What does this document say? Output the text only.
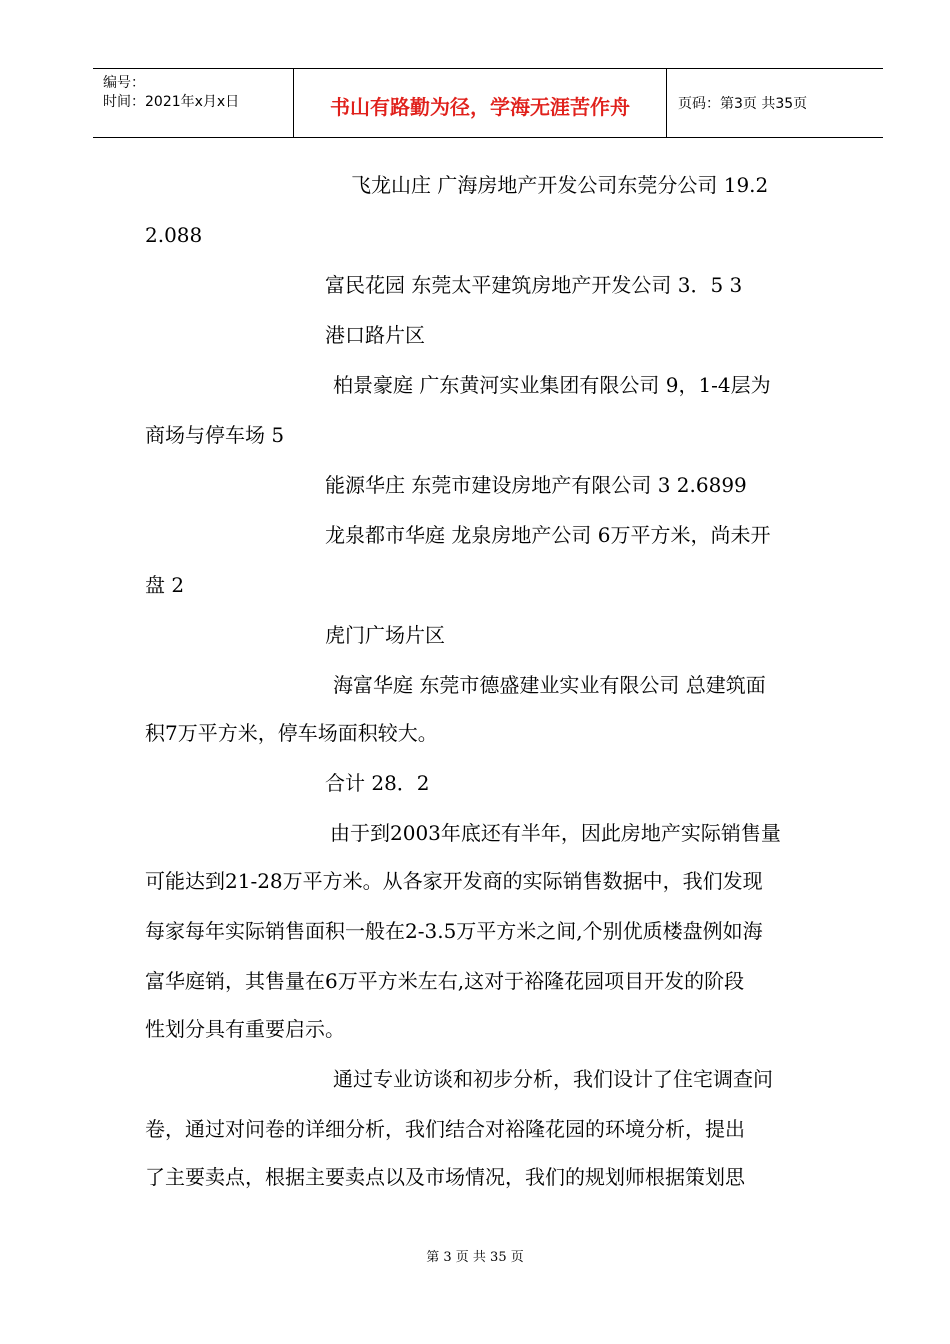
编号：
时间：2021年x月x日	书山有路勤为径，学海无涯苦作舟	页码：第3页 共35页
飞龙山庄 广海房地产开发公司东莞分公司 19.2
2.088
富民花园 东莞太平建筑房地产开发公司 3．5 3
港口路片区
柏景豪庭 广东黄河实业集团有限公司 9，1-4层为
商场与停车场 5
能源华庄 东莞市建设房地产有限公司 3 2.6899
龙泉都市华庭 龙泉房地产公司 6万平方米，尚未开
盘 2
虎门广场片区
海富华庭 东莞市德盛建业实业有限公司 总建筑面
积7万平方米，停车场面积较大。
合计 28．2
由于到2003年底还有半年，因此房地产实际销售量
可能达到21-28万平方米。从各家开发商的实际销售数据中，我们发现
每家每年实际销售面积一般在2-3.5万平方米之间,个别优质楼盘例如海
富华庭销，其售量在6万平方米左右,这对于裕隆花园项目开发的阶段
性划分具有重要启示。
通过专业访谈和初步分析，我们设计了住宅调查问
卷，通过对问卷的详细分析，我们结合对裕隆花园的环境分析，提出
了主要卖点，根据主要卖点以及市场情况，我们的规划师根据策划思
第 3 页 共 35 页
